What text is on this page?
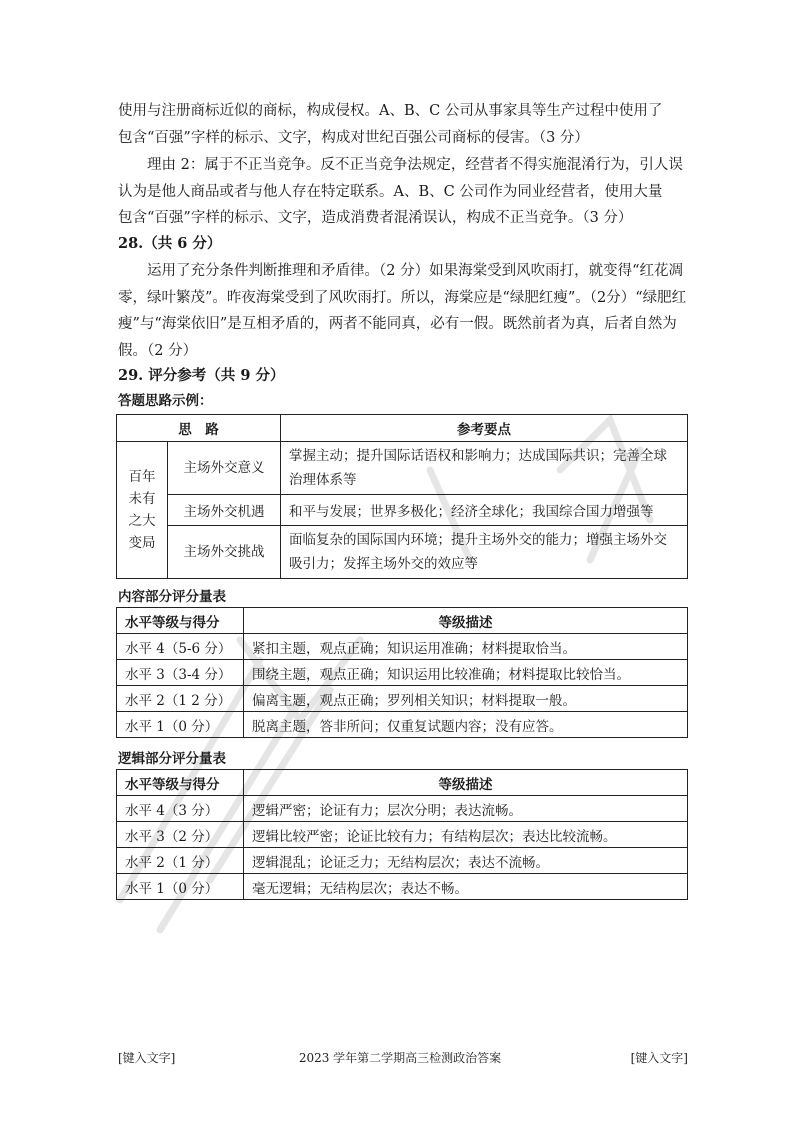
使用与注册商标近似的商标，构成侵权。A、B、C 公司从事家具等生产过程中使用了
包含“百强”字样的标示、文字，构成对世纪百强公司商标的侵害。（3 分）
理由 2：属于不正当竞争。反不正当竞争法规定，经营者不得实施混淆行为，引人误
认为是他人商品或者与他人存在特定联系。A、B、C 公司作为同业经营者，使用大量
包含“百强”字样的标示、文字，造成消费者混淆误认，构成不正当竞争。（3 分）
28.（共 6 分）
运用了充分条件判断推理和矛盾律。（2 分）如果海棠受到风吹雨打，就变得“红花凋
零，绿叶繁茂”。昨夜海棠受到了风吹雨打。所以，海棠应是“绿肥红瘦”。（2分）“绿肥红
瘦”与“海棠依旧”是互相矛盾的，两者不能同真，必有一假。既然前者为真，后者自然为
假。（2 分）
29. 评分参考（共 9 分）
答题思路示例：
思　路		参考要点

百年
未有
之大
变局	主场外交意义	掌握主动；提升国际话语权和影响力；达成国际共识；完善全球治理体系等
	主场外交机遇	和平与发展；世界多极化；经济全球化；我国综合国力增强等
	主场外交挑战	面临复杂的国际国内环境；提升主场外交的能力；增强主场外交吸引力；发挥主场外交的效应等
内容部分评分量表
水平等级与得分	等级描述
水平 4（5-6 分）	紧扣主题，观点正确；知识运用准确；材料提取恰当。
水平 3（3-4 分）	围绕主题，观点正确；知识运用比较准确；材料提取比较恰当。
水平 2（1 2 分）	偏离主题，观点正确；罗列相关知识；材料提取一般。
水平 1（0 分）	脱离主题，答非所问；仅重复试题内容；没有应答。
逻辑部分评分量表
水平等级与得分	等级描述
水平 4（3 分）	逻辑严密；论证有力；层次分明；表达流畅。
水平 3（2 分）	逻辑比较严密；论证比较有力；有结构层次；表达比较流畅。
水平 2（1 分）	逻辑混乱；论证乏力；无结构层次；表达不流畅。
水平 1（0 分）	毫无逻辑；无结构层次；表达不畅。
[键入文字]	2023 学年第二学期高三检测政治答案	[键入文字]
